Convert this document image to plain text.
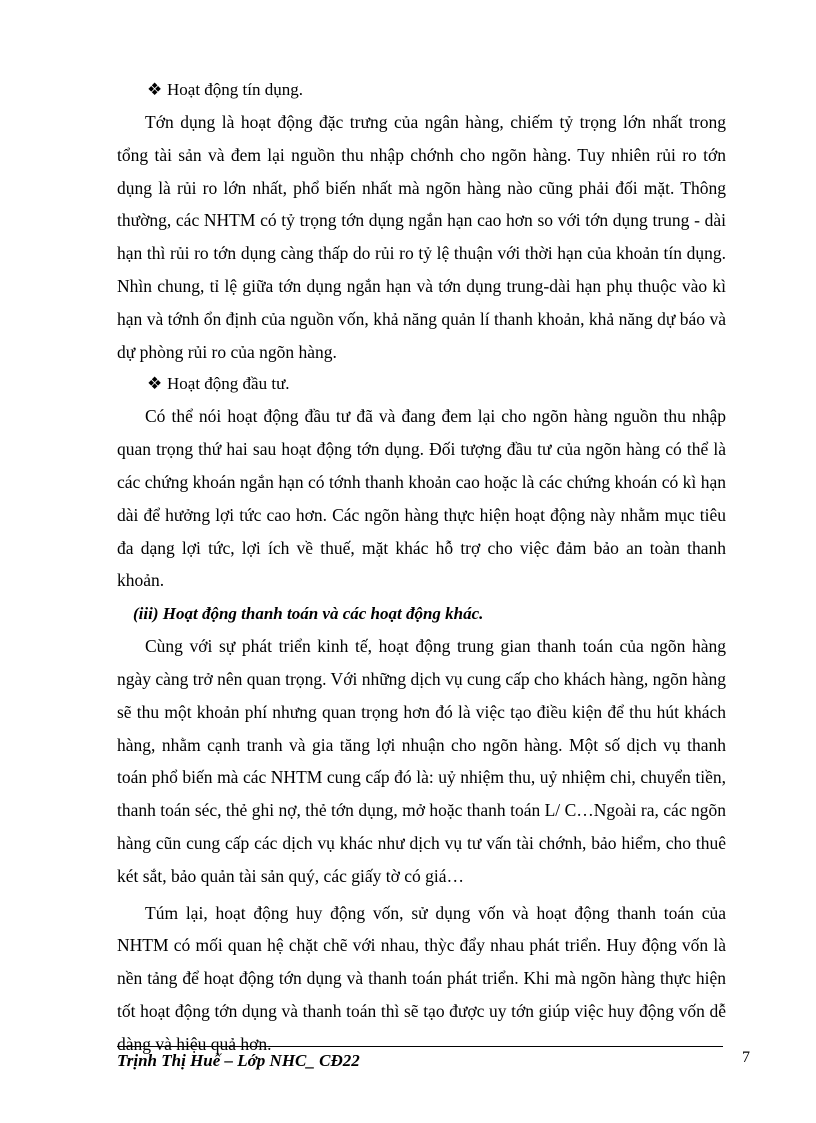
❖ Hoạt động tín dụng.

Tớn dụng là hoạt động đặc trưng của ngân hàng, chiếm tỷ trọng lớn nhất trong tổng tài sản và đem lại nguồn thu nhập chớnh cho ngõn hàng. Tuy nhiên rủi ro tớn dụng là rủi ro lớn nhất, phổ biến nhất mà ngõn hàng nào cũng phải đối mặt. Thông thường, các NHTM có tỷ trọng tớn dụng ngắn hạn cao hơn so với tớn dụng trung - dài hạn thì rủi ro tớn dụng càng thấp do rủi ro tỷ lệ thuận với thời hạn của khoản tín dụng. Nhìn chung, tỉ lệ giữa tớn dụng ngắn hạn và tớn dụng trung-dài hạn phụ thuộc vào kì hạn và tớnh ổn định của nguồn vốn, khả năng quản lí thanh khoản, khả năng dự báo và dự phòng rủi ro của ngõn hàng.

❖ Hoạt động đầu tư.

Có thể nói hoạt động đầu tư đã và đang đem lại cho ngõn hàng nguồn thu nhập quan trọng thứ hai sau hoạt động tớn dụng. Đối tượng đầu tư của ngõn hàng có thể là các chứng khoán ngắn hạn có tớnh thanh khoản cao hoặc là các chứng khoán có kì hạn dài để hưởng lợi tức cao hơn. Các ngõn hàng thực hiện hoạt động này nhằm mục tiêu đa dạng lợi tức, lợi ích về thuế, mặt khác hỗ trợ cho việc đảm bảo an toàn thanh khoản.

(iii) Hoạt động thanh toán và các hoạt động khác.

Cùng với sự phát triển kinh tế, hoạt động trung gian thanh toán của ngõn hàng ngày càng trở nên quan trọng. Với những dịch vụ cung cấp cho khách hàng, ngõn hàng sẽ thu một khoản phí nhưng quan trọng hơn đó là việc tạo điều kiện để thu hút khách hàng, nhằm cạnh tranh và gia tăng lợi nhuận cho ngõn hàng. Một số dịch vụ thanh toán phổ biến mà các NHTM cung cấp đó là: uỷ nhiệm thu, uỷ nhiệm chi, chuyển tiền, thanh toán séc, thẻ ghi nợ, thẻ tớn dụng, mở hoặc thanh toán L/ C…Ngoài ra, các ngõn hàng cũn cung cấp các dịch vụ khác như dịch vụ tư vấn tài chớnh, bảo hiểm, cho thuê két sắt, bảo quản tài sản quý, các giấy tờ có giá…

Túm lại, hoạt động huy động vốn, sử dụng vốn và hoạt động thanh toán của NHTM có mối quan hệ chặt chẽ với nhau, thỳc đẩy nhau phát triển. Huy động vốn là nền tảng để hoạt động tớn dụng và thanh toán phát triển. Khi mà ngõn hàng thực hiện tốt hoạt động tớn dụng và thanh toán thì sẽ tạo được uy tớn giúp việc huy động vốn dễ dàng và hiệu quả hơn.

Trịnh Thị Huế – Lớp NHC_ CĐ22	7
